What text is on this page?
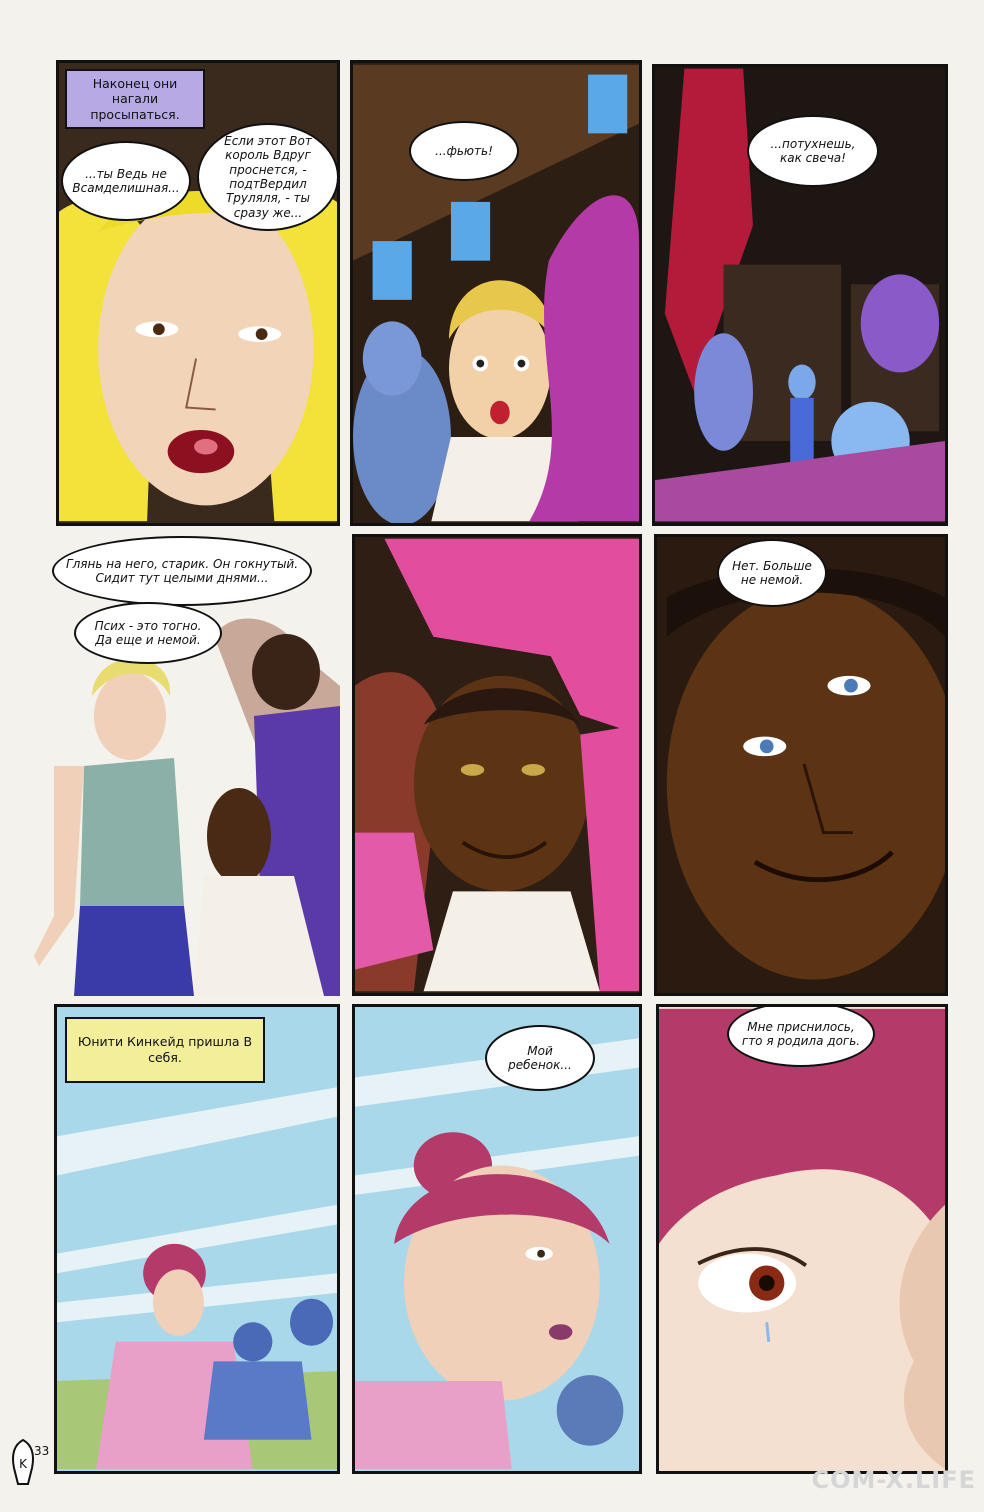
Наконец они нагали просыпаться.
...ты Ведь не Всамделишная...
Если этот Вот король Вдруг проснется, - подтВердил Труляля, - ты сразу же...
...фьють!
...потухнешь, как свеча!
Глянь на него, старик. Он гокнутый. Сидит тут целыми днями...
Псих - это тогно. Да еще и немой.
Нет. Больше не немой.
Юнити Кинкейд пришла В себя.	Мой ребенок...
Мне приснилось, гто я родила догь.
K
33
COM-X.LIFE
